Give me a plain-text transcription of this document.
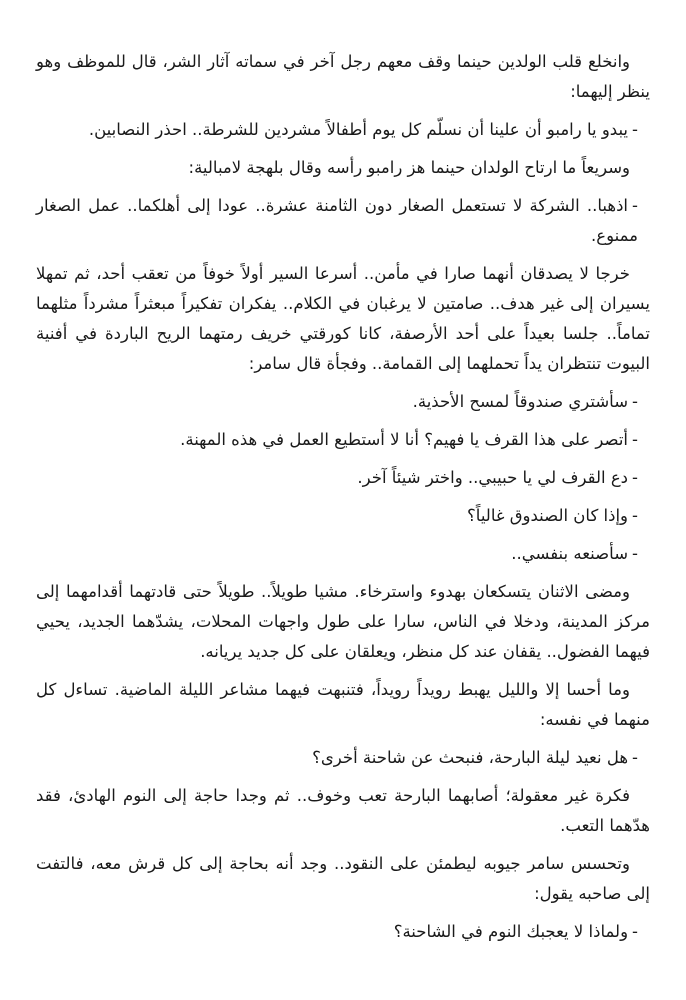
وانخلع قلب الولدين حينما وقف معهم رجل آخر في سماته آثار الشر، قال للموظف وهو ينظر إليهما:

-يبدو يا رامبو أن علينا أن نسلّم كل يوم أطفالاً مشردين للشرطة.. احذر النصابين.

وسريعاً ما ارتاح الولدان حينما هز رامبو رأسه وقال بلهجة لامبالية:

-اذهبا.. الشركة لا تستعمل الصغار دون الثامنة عشرة.. عودا إلى أهلكما.. عمل الصغار ممنوع.

خرجا لا يصدقان أنهما صارا في مأمن.. أسرعا السير أولاً خوفاً من تعقب أحد، ثم تمهلا يسيران إلى غير هدف.. صامتين لا يرغبان في الكلام.. يفكران تفكيراً مبعثراً مشرداً مثلهما تماماً.. جلسا بعيداً على أحد الأرصفة، كانا كورقتي خريف رمتهما الريح الباردة في أفنية البيوت تنتظران يداً تحملهما إلى القمامة.. وفجأة قال سامر:

-سأشتري صندوقاً لمسح الأحذية.

-أتصر على هذا القرف يا فهيم؟ أنا لا أستطيع العمل في هذه المهنة.

-دع القرف لي يا حبيبي.. واختر شيئاً آخر.

-وإذا كان الصندوق غالياً؟

-سأصنعه بنفسي..

ومضى الاثنان يتسكعان بهدوء واسترخاء. مشيا طويلاً.. طويلاً حتى قادتهما أقدامهما إلى مركز المدينة، ودخلا في الناس، سارا على طول واجهات المحلات، يشدّهما الجديد، يحيي فيهما الفضول.. يقفان عند كل منظر، ويعلقان على كل جديد يريانه.

وما أحسا إلا والليل يهبط رويداً رويداً، فتنبهت فيهما مشاعر الليلة الماضية. تساءل كل منهما في نفسه:

-هل نعيد ليلة البارحة، فنبحث عن شاحنة أخرى؟

فكرة غير معقولة؛ أصابهما البارحة تعب وخوف.. ثم وجدا حاجة إلى النوم الهادئ، فقد هدّهما التعب.

وتحسس سامر جيوبه ليطمئن على النقود.. وجد أنه بحاجة إلى كل قرش معه، فالتفت إلى صاحبه يقول:

-ولماذا لا يعجبك النوم في الشاحنة؟
